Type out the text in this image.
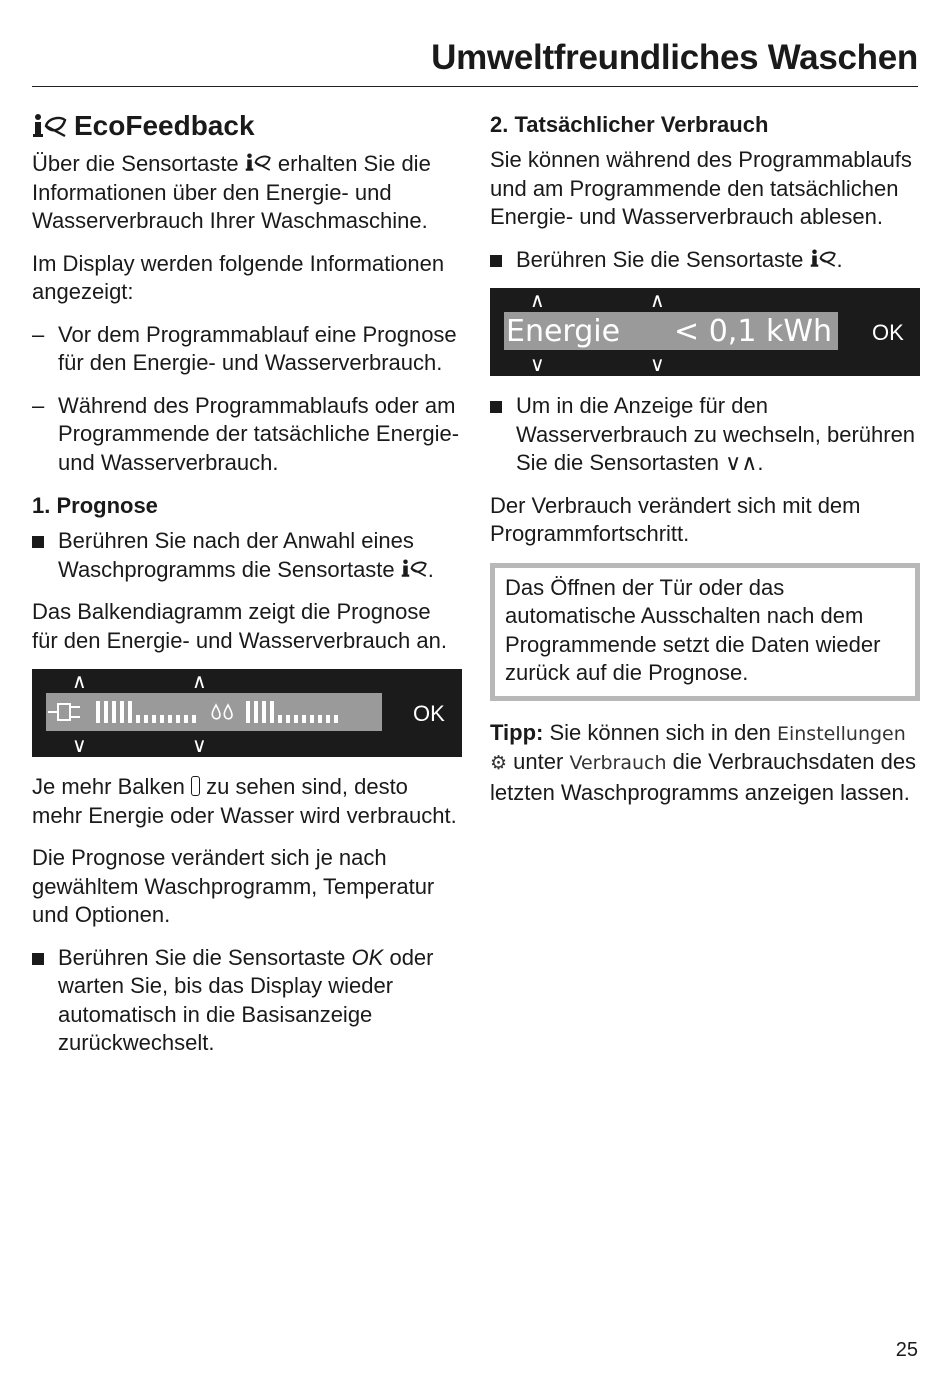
Umweltfreundliches Waschen
EcoFeedback

Über die Sensortaste erhalten Sie die Informationen über den Energie- und Wasserverbrauch Ihrer Waschmaschine.

Im Display werden folgende Informationen angezeigt:

– Vor dem Programmablauf eine Prognose für den Energie- und Wasserverbrauch.

– Während des Programmablaufs oder am Programmende der tatsächliche Energie- und Wasserverbrauch.

1. Prognose

Berühren Sie nach der Anwahl eines Waschprogramms die Sensortaste .

Das Balkendiagramm zeigt die Prognose für den Energie- und Wasserverbrauch an.

∧	∧
OK
∨	∨

Je mehr Balken zu sehen sind, desto mehr Energie oder Wasser wird verbraucht.

Die Prognose verändert sich je nach gewähltem Waschprogramm, Temperatur und Optionen.

Berühren Sie die Sensortaste OK oder warten Sie, bis das Display wieder automatisch in die Basisanzeige zurückwechselt.

2. Tatsächlicher Verbrauch

Sie können während des Programmablaufs und am Programmende den tatsächlichen Energie- und Wasserverbrauch ablesen.

Berühren Sie die Sensortaste .

∧	∧
Energie < 0,1 kWh OK
∨	∨

Um in die Anzeige für den Wasserverbrauch zu wechseln, berühren Sie die Sensortasten ∨∧.

Der Verbrauch verändert sich mit dem Programmfortschritt.

Das Öffnen der Tür oder das automatische Ausschalten nach dem Programmende setzt die Daten wieder zurück auf die Prognose.

Tipp: Sie können sich in den Einstellungen ⚙ unter Verbrauch die Verbrauchsdaten des letzten Waschprogramms anzeigen lassen.

25
